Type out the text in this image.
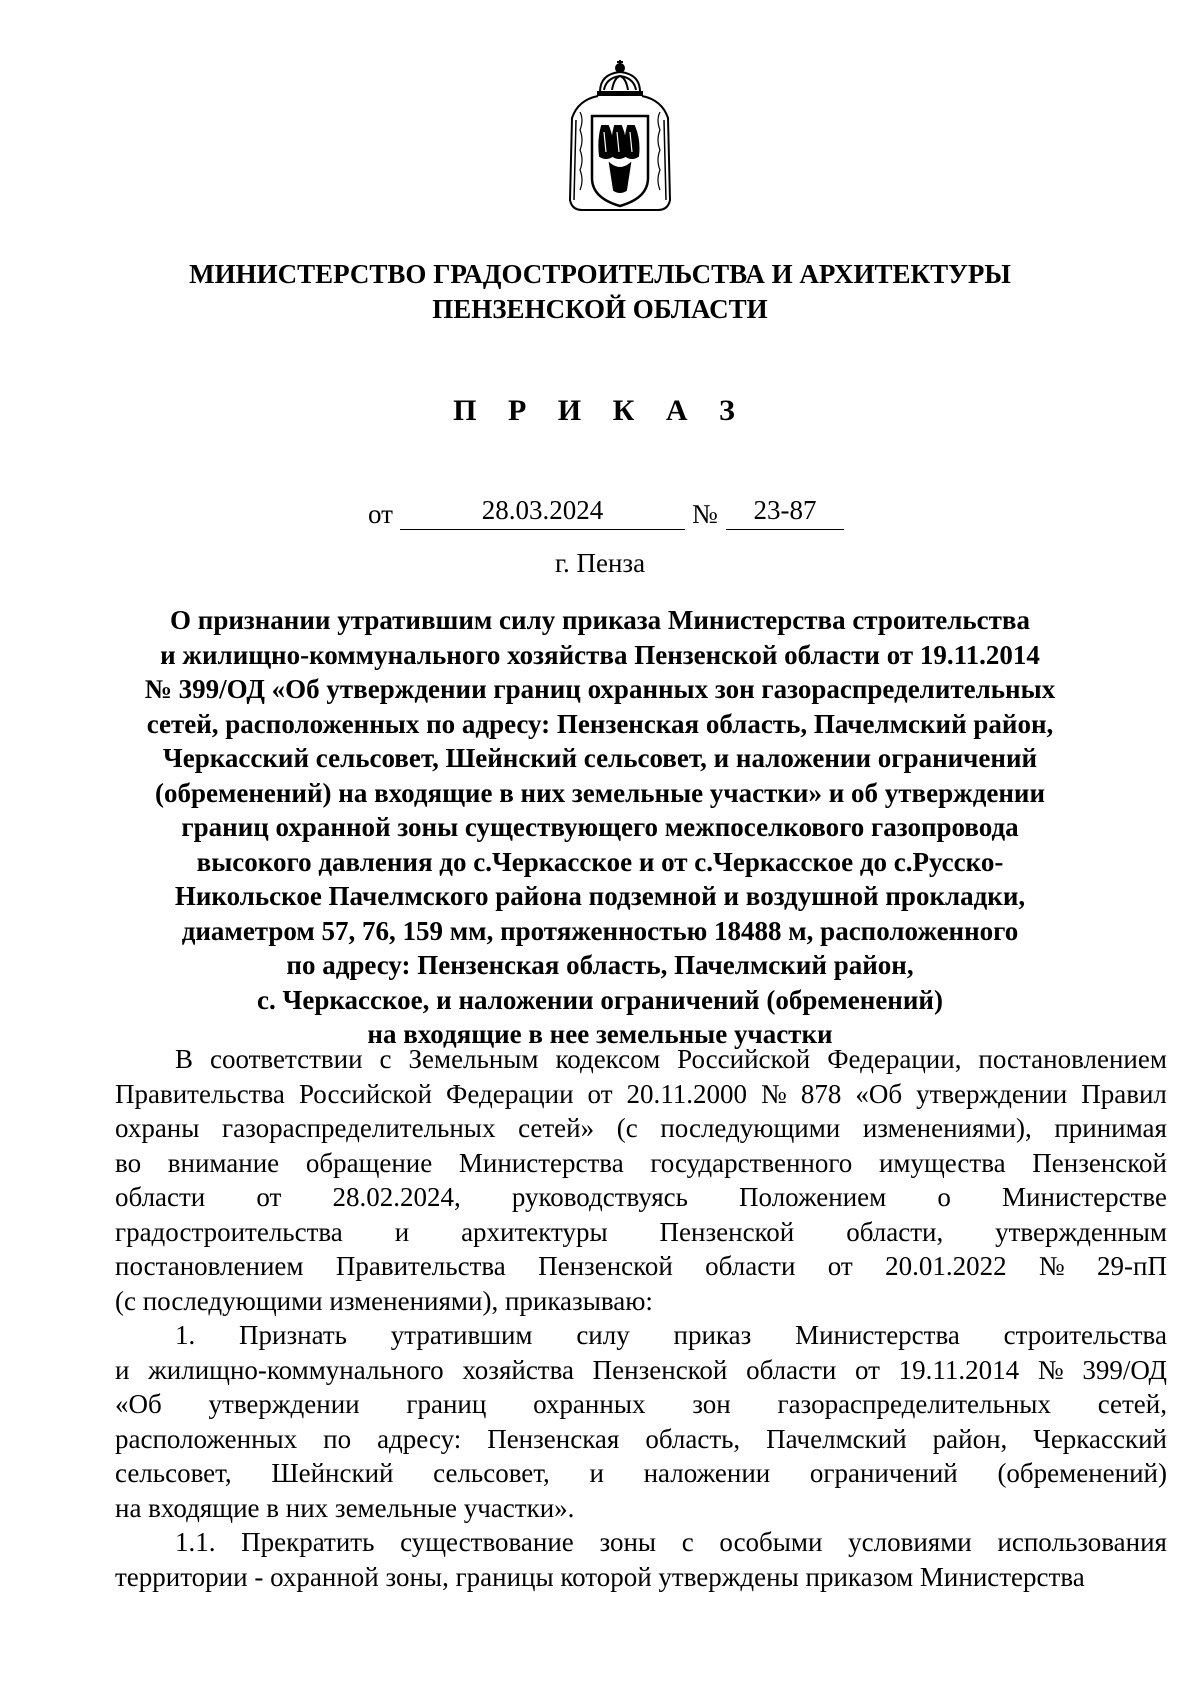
МИНИСТЕРСТВО ГРАДОСТРОИТЕЛЬСТВА И АРХИТЕКТУРЫ
ПЕНЗЕНСКОЙ ОБЛАСТИ
П Р И К А З
от	28.03.2024	№	23-87
г. Пенза
О признании утратившим силу приказа Министерства строительства
и жилищно-коммунального хозяйства Пензенской области от 19.11.2014
№ 399/ОД «Об утверждении границ охранных зон газораспределительных
сетей, расположенных по адресу: Пензенская область, Пачелмский район,
Черкасский сельсовет, Шейнский сельсовет, и наложении ограничений
(обременений) на входящие в них земельные участки» и об утверждении
границ охранной зоны существующего межпоселкового газопровода
высокого давления до с.Черкасское и от с.Черкасское до с.Русско-
Никольское Пачелмского района подземной и воздушной прокладки,
диаметром 57, 76, 159 мм, протяженностью 18488 м, расположенного
по адресу: Пензенская область, Пачелмский район,
с. Черкасское, и наложении ограничений (обременений)
на входящие в нее земельные участки
В соответствии с Земельным кодексом Российской Федерации, постановлением
Правительства Российской Федерации от 20.11.2000 № 878 «Об утверждении Правил
охраны газораспределительных сетей» (с последующими изменениями), принимая
во внимание обращение Министерства государственного имущества Пензенской
области от 28.02.2024, руководствуясь Положением о Министерстве
градостроительства и архитектуры Пензенской области, утвержденным
постановлением Правительства Пензенской области от 20.01.2022 № 29-пП
(с последующими изменениями), приказываю:
1. Признать утратившим силу приказ Министерства строительства
и жилищно-коммунального хозяйства Пензенской области от 19.11.2014 № 399/ОД
«Об утверждении границ охранных зон газораспределительных сетей,
расположенных по адресу: Пензенская область, Пачелмский район, Черкасский
сельсовет, Шейнский сельсовет, и наложении ограничений (обременений)
на входящие в них земельные участки».
1.1. Прекратить существование зоны с особыми условиями использования
территории - охранной зоны, границы которой утверждены приказом Министерства
